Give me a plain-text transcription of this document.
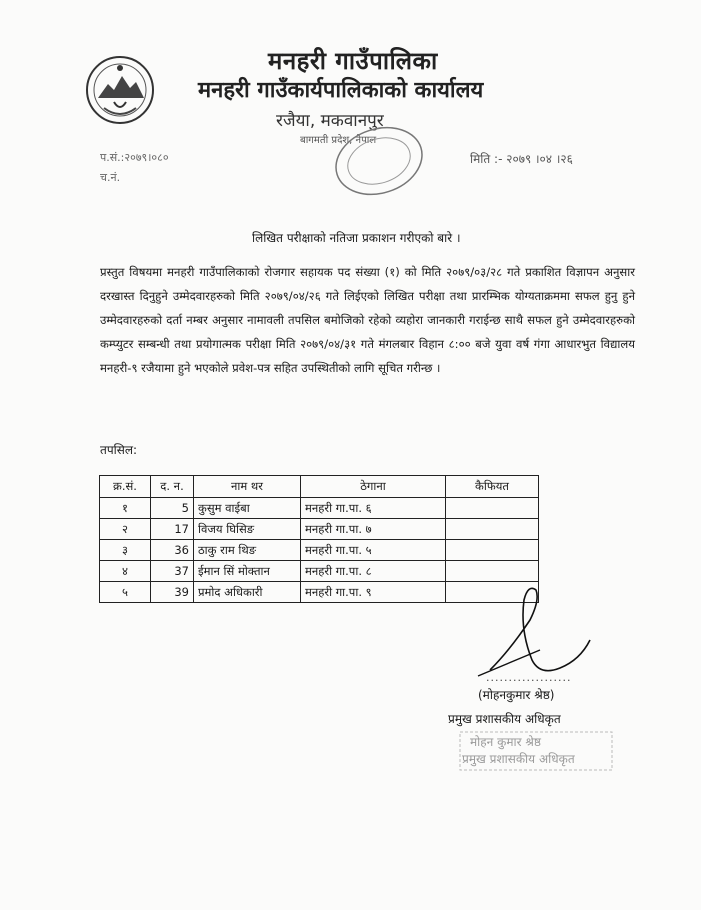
मनहरी गाउँपालिका
मनहरी गाउँकार्यपालिकाको कार्यालय
रजैया, मकवानपुर
बागमती प्रदेश, नेपाल
प.सं.:२०७९।०८०
च.नं.
मिति :- २०७९ ।०४ ।२६
लिखित परीक्षाको नतिजा प्रकाशन गरीएको बारे ।
प्रस्तुत विषयमा मनहरी गाउँपालिकाको रोजगार सहायक पद संख्या (१) को मिति २०७९/०३/२८ गते प्रकाशित विज्ञापन अनुसार दरखास्त दिनुहुने उम्मेदवारहरुको मिति २०७९/०४/२६ गते लिईएको लिखित परीक्षा तथा प्रारम्भिक योग्यताक्रममा सफल हुनु हुने उम्मेदवारहरुको दर्ता नम्बर अनुसार नामावली तपसिल बमोजिको रहेको व्यहोरा जानकारी गराईन्छ साथै सफल हुने उम्मेदवारहरुको कम्प्युटर सम्बन्धी तथा प्रयोगात्मक परीक्षा मिति २०७९/०४/३१ गते मंगलबार विहान ८:०० बजे युवा वर्ष गंगा आधारभुत विद्यालय मनहरी-९ रजैयामा हुने भएकोले प्रवेश-पत्र सहित उपस्थितीको लागि सूचित गरीन्छ ।
तपसिल:
क्र.सं.	द. न.	नाम थर	ठेगाना	कैफियत
१	5	कुसुम वाईबा	मनहरी गा.पा. ६	
२	17	विजय घिसिङ	मनहरी गा.पा. ७	
३	36	ठाकु राम थिङ	मनहरी गा.पा. ५	
४	37	ईमान सिं मोक्तान	मनहरी गा.पा. ८	
५	39	प्रमोद अधिकारी	मनहरी गा.पा. ९	
...................
(मोहनकुमार श्रेष्ठ)
प्रमुख प्रशासकीय अधिकृत
मोहन कुमार श्रेष्ठ
प्रमुख प्रशासकीय अधिकृत
